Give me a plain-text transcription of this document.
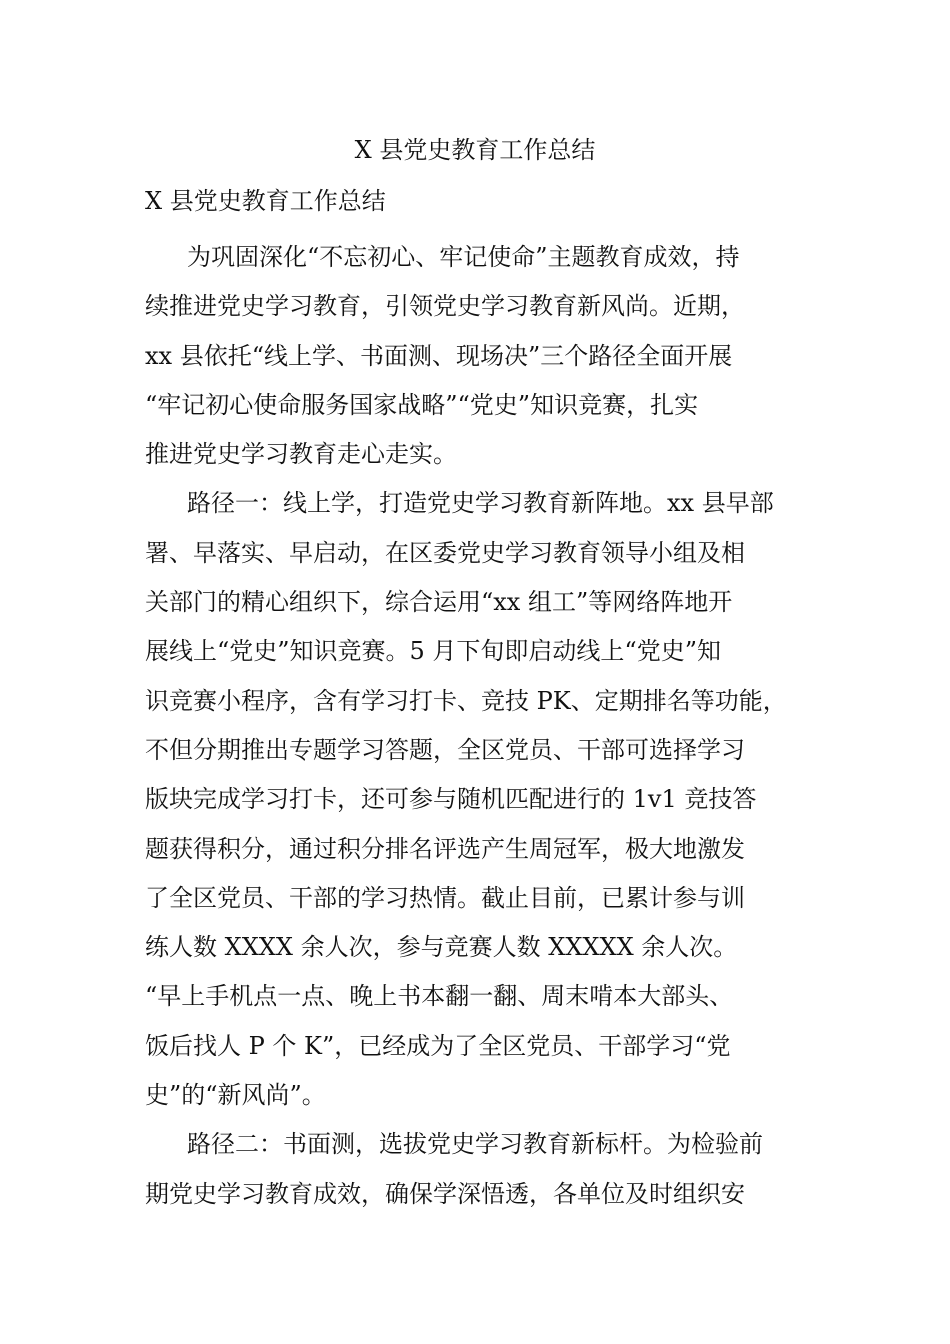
X 县党史教育工作总结
X 县党史教育工作总结

为巩固深化“不忘初心、牢记使命”主题教育成效，持
续推进党史学习教育，引领党史学习教育新风尚。近期，
xx 县依托“线上学、书面测、现场决”三个路径全面开展
“牢记初心使命服务国家战略”“党史”知识竞赛，扎实
推进党史学习教育走心走实。

路径一：线上学，打造党史学习教育新阵地。xx 县早部
署、早落实、早启动，在区委党史学习教育领导小组及相
关部门的精心组织下，综合运用“xx 组工”等网络阵地开
展线上“党史”知识竞赛。5 月下旬即启动线上“党史”知
识竞赛小程序，含有学习打卡、竞技 PK、定期排名等功能，
不但分期推出专题学习答题，全区党员、干部可选择学习
版块完成学习打卡，还可参与随机匹配进行的 1v1 竞技答
题获得积分，通过积分排名评选产生周冠军，极大地激发
了全区党员、干部的学习热情。截止目前，已累计参与训
练人数 XXXX 余人次，参与竞赛人数 XXXXX 余人次。
“早上手机点一点、晚上书本翻一翻、周末啃本大部头、
饭后找人 P 个 K”，已经成为了全区党员、干部学习“党
史”的“新风尚”。

路径二：书面测，选拔党史学习教育新标杆。为检验前
期党史学习教育成效，确保学深悟透，各单位及时组织安
